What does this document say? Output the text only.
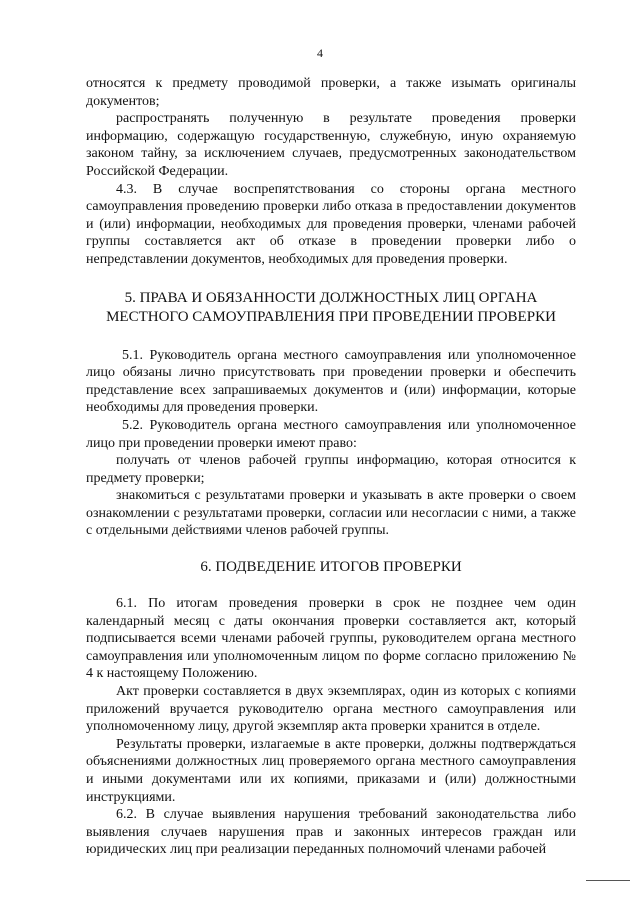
4

относятся к предмету проводимой проверки, а также изымать оригиналы документов;

распространять полученную в результате проведения проверки информацию, содержащую государственную, служебную, иную охраняемую законом тайну, за исключением случаев, предусмотренных законодательством Российской Федерации.

4.3. В случае воспрепятствования со стороны органа местного самоуправления проведению проверки либо отказа в предоставлении документов и (или) информации, необходимых для проведения проверки, членами рабочей группы составляется акт об отказе в проведении проверки либо о непредставлении документов, необходимых для проведения проверки.

5. ПРАВА И ОБЯЗАННОСТИ ДОЛЖНОСТНЫХ ЛИЦ ОРГАНА МЕСТНОГО САМОУПРАВЛЕНИЯ ПРИ ПРОВЕДЕНИИ ПРОВЕРКИ

5.1. Руководитель органа местного самоуправления или уполномоченное лицо обязаны лично присутствовать при проведении проверки и обеспечить представление всех запрашиваемых документов и (или) информации, которые необходимы для проведения проверки.

5.2. Руководитель органа местного самоуправления или уполномоченное лицо при проведении проверки имеют право:

получать от членов рабочей группы информацию, которая относится к предмету проверки;

знакомиться с результатами проверки и указывать в акте проверки о своем ознакомлении с результатами проверки, согласии или несогласии с ними, а также с отдельными действиями членов рабочей группы.

6. ПОДВЕДЕНИЕ ИТОГОВ ПРОВЕРКИ

6.1. По итогам проведения проверки в срок не позднее чем один календарный месяц с даты окончания проверки составляется акт, который подписывается всеми членами рабочей группы, руководителем органа местного самоуправления или уполномоченным лицом по форме согласно приложению № 4 к настоящему Положению.

Акт проверки составляется в двух экземплярах, один из которых с копиями приложений вручается руководителю органа местного самоуправления или уполномоченному лицу, другой экземпляр акта проверки хранится в отделе.

Результаты проверки, излагаемые в акте проверки, должны подтверждаться объяснениями должностных лиц проверяемого органа местного самоуправления и иными документами или их копиями, приказами и (или) должностными инструкциями.

6.2. В случае выявления нарушения требований законодательства либо выявления случаев нарушения прав и законных интересов граждан или юридических лиц при реализации переданных полномочий членами рабочей
